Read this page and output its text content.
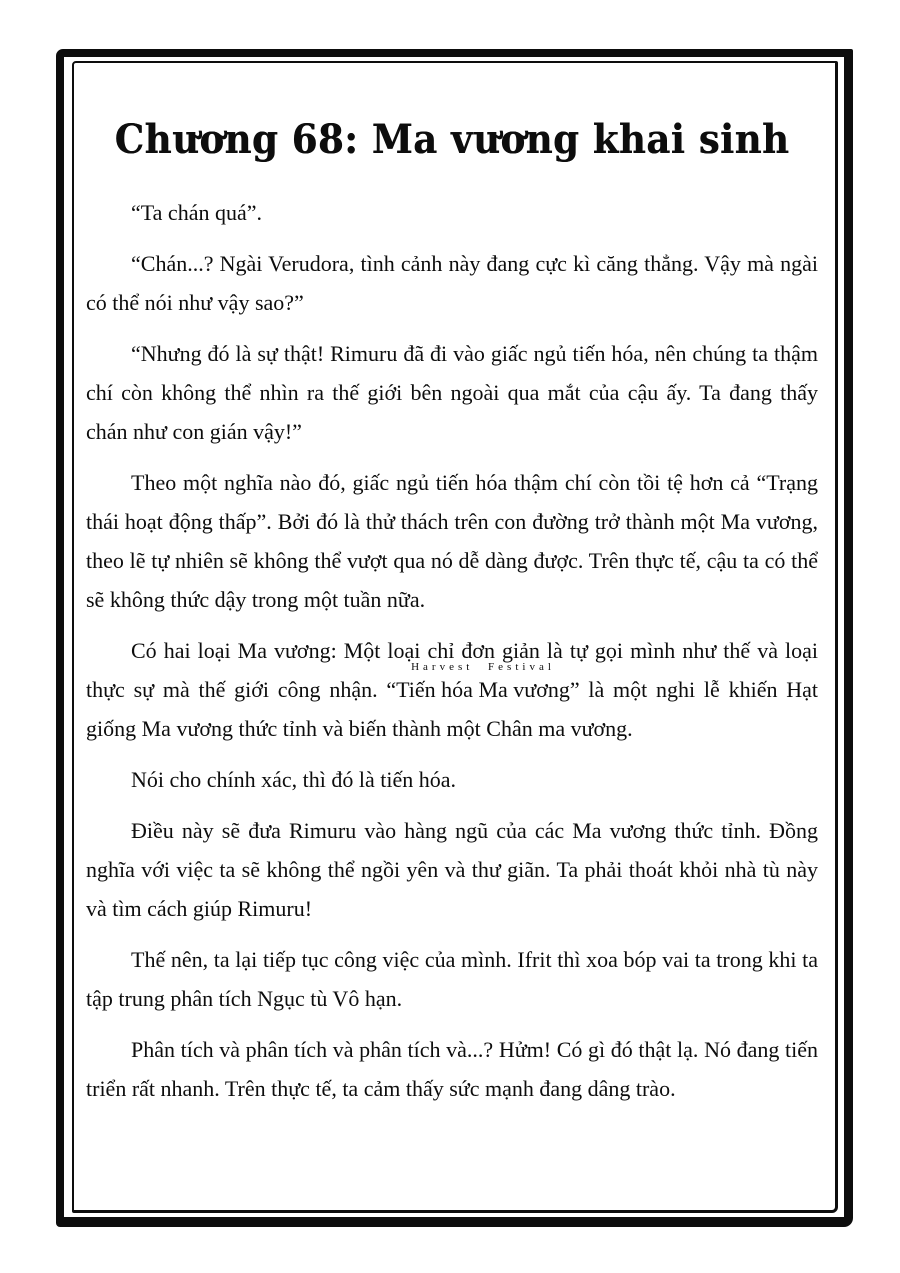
Chương 68: Ma vương khai sinh

“Ta chán quá”.

“Chán...? Ngài Verudora, tình cảnh này đang cực kì căng thẳng. Vậy mà ngài có thể nói như vậy sao?”

“Nhưng đó là sự thật! Rimuru đã đi vào giấc ngủ tiến hóa, nên chúng ta thậm chí còn không thể nhìn ra thế giới bên ngoài qua mắt của cậu ấy. Ta đang thấy chán như con gián vậy!”

Theo một nghĩa nào đó, giấc ngủ tiến hóa thậm chí còn tồi tệ hơn cả “Trạng thái hoạt động thấp”. Bởi đó là thử thách trên con đường trở thành một Ma vương, theo lẽ tự nhiên sẽ không thể vượt qua nó dễ dàng được. Trên thực tế, cậu ta có thể sẽ không thức dậy trong một tuần nữa.

Có hai loại Ma vương: Một loại chỉ đơn giản là tự gọi mình như thế và loại thực sự mà thế giới công nhận.
Harvest Festival
“Tiến hóa Ma vương” là một nghi lễ khiến Hạt giống Ma vương thức tỉnh và biến thành một Chân ma vương.

Nói cho chính xác, thì đó là tiến hóa.

Điều này sẽ đưa Rimuru vào hàng ngũ của các Ma vương thức tỉnh. Đồng nghĩa với việc ta sẽ không thể ngồi yên và thư giãn. Ta phải thoát khỏi nhà tù này và tìm cách giúp Rimuru!

Thế nên, ta lại tiếp tục công việc của mình. Ifrit thì xoa bóp vai ta trong khi ta tập trung phân tích Ngục tù Vô hạn.

Phân tích và phân tích và phân tích và...? Hửm! Có gì đó thật lạ. Nó đang tiến triển rất nhanh. Trên thực tế, ta cảm thấy sức mạnh đang dâng trào.
